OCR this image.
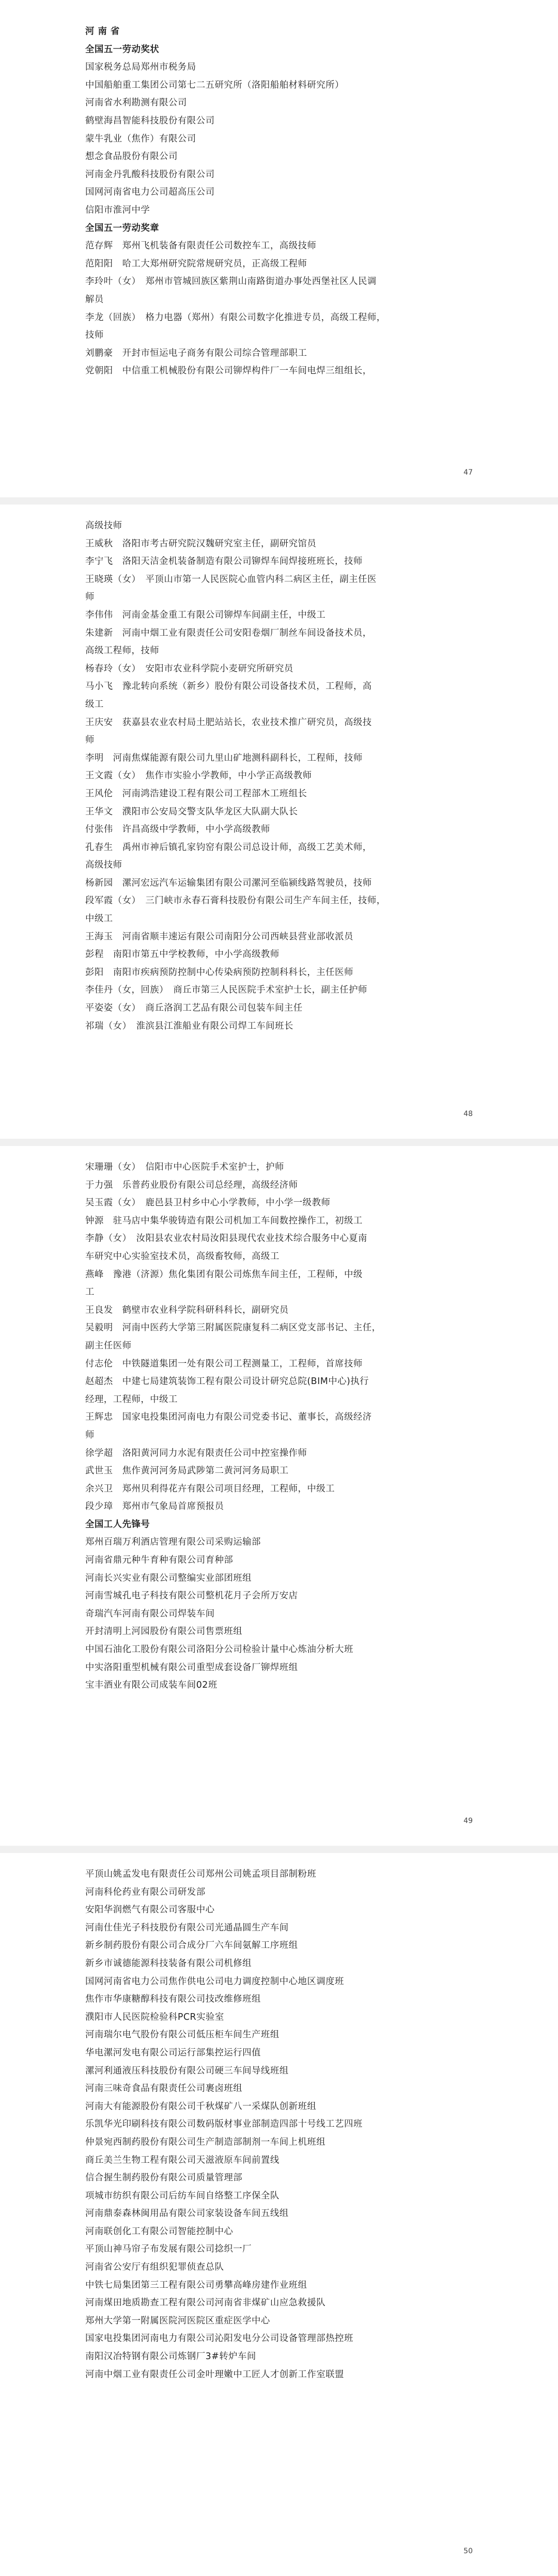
河 南 省
全国五一劳动奖状
国家税务总局郑州市税务局
中国船舶重工集团公司第七二五研究所（洛阳船舶材料研究所）
河南省水利勘测有限公司
鹤壁海昌智能科技股份有限公司
蒙牛乳业（焦作）有限公司
想念食品股份有限公司
河南金丹乳酸科技股份有限公司
国网河南省电力公司超高压公司
信阳市淮河中学
全国五一劳动奖章
范存辉　郑州飞机装备有限责任公司数控车工，高级技师
范阳阳　哈工大郑州研究院常规研究员，正高级工程师
李玲叶（女）　郑州市管城回族区紫荆山南路街道办事处西堡社区人民调
解员
李龙（回族）　格力电器（郑州）有限公司数字化推进专员，高级工程师，
技师
刘鹏豪　开封市恒运电子商务有限公司综合管理部职工
党朝阳　中信重工机械股份有限公司铆焊构件厂一车间电焊三组组长，
47
高级技师
王威秋　洛阳市考古研究院汉魏研究室主任，副研究馆员
李宁飞　洛阳天洁金机装备制造有限公司铆焊车间焊接班班长，技师
王晓瑛（女）　平顶山市第一人民医院心血管内科二病区主任，副主任医
师
李伟伟　河南金基金重工有限公司铆焊车间副主任，中级工
朱建新　河南中烟工业有限责任公司安阳卷烟厂制丝车间设备技术员，
高级工程师，技师
杨春玲（女）　安阳市农业科学院小麦研究所研究员
马小飞　豫北转向系统（新乡）股份有限公司设备技术员，工程师，高
级工
王庆安　获嘉县农业农村局土肥站站长，农业技术推广研究员，高级技
师
李明　河南焦煤能源有限公司九里山矿地测科副科长，工程师，技师
王文霞（女）　焦作市实验小学教师，中小学正高级教师
王风伦　河南鸿浩建设工程有限公司工程部木工班组长
王华文　濮阳市公安局交警支队华龙区大队副大队长
付张伟　许昌高级中学教师，中小学高级教师
孔春生　禹州市神后镇孔家钧窑有限公司总设计师，高级工艺美术师，
高级技师
杨新园　漯河宏远汽车运输集团有限公司漯河至临颍线路驾驶员，技师
段军霞（女）　三门峡市永春石膏科技股份有限公司生产车间主任，技师，
中级工
王海玉　河南省顺丰速运有限公司南阳分公司西峡县营业部收派员
彭程　南阳市第五中学校教师，中小学高级教师
彭阳　南阳市疾病预防控制中心传染病预防控制科科长，主任医师
李佳丹（女，回族）　商丘市第三人民医院手术室护士长，副主任护师
平姿姿（女）　商丘洛润工艺品有限公司包装车间主任
祁瑞（女）　淮滨县江淮船业有限公司焊工车间班长
48
宋珊珊（女）　信阳市中心医院手术室护士，护师
于力强　乐普药业股份有限公司总经理，高级经济师
吴玉霞（女）　鹿邑县卫村乡中心小学教师，中小学一级教师
钟源　驻马店中集华骏铸造有限公司机加工车间数控操作工，初级工
李静（女）　汝阳县农业农村局汝阳县现代农业技术综合服务中心夏南
车研究中心实验室技术员，高级畜牧师，高级工
燕峰　豫港（济源）焦化集团有限公司炼焦车间主任，工程师，中级
工
王良发　鹤壁市农业科学院科研科科长，副研究员
吴毅明　河南中医药大学第三附属医院康复科二病区党支部书记、主任，
副主任医师
付志伦　中铁隧道集团一处有限公司工程测量工，工程师，首席技师
赵超杰　中建七局建筑装饰工程有限公司设计研究总院(BIM中心)执行
经理，工程师，中级工
王辉忠　国家电投集团河南电力有限公司党委书记、董事长，高级经济
师
徐学超　洛阳黄河同力水泥有限责任公司中控室操作师
武世玉　焦作黄河河务局武陟第二黄河河务局职工
余兴卫　郑州贝利得花卉有限公司项目经理，工程师，中级工
段少璋　郑州市气象局首席预报员
全国工人先锋号
郑州百瑞万利酒店管理有限公司采购运输部
河南省鼎元种牛育种有限公司育种部
河南长兴实业有限公司整编实业部团班组
河南雪城孔电子科技有限公司整机花月子会所万安店
奇瑞汽车河南有限公司焊装车间
开封清明上河园股份有限公司售票班组
中国石油化工股份有限公司洛阳分公司检验计量中心炼油分析大班
中实洛阳重型机械有限公司重型成套设备厂铆焊班组
宝丰酒业有限公司成装车间02班
49
平顶山姚孟发电有限责任公司郑州公司姚孟项目部制粉班
河南科伦药业有限公司研发部
安阳华润燃气有限公司客服中心
河南仕佳光子科技股份有限公司光通晶圆生产车间
新乡制药股份有限公司合成分厂六车间氨解工序班组
新乡市诚德能源科技装备有限公司机修组
国网河南省电力公司焦作供电公司电力调度控制中心地区调度班
焦作市华康糖醇科技有限公司技改维修班组
濮阳市人民医院检验科PCR实验室
河南瑞尔电气股份有限公司低压柜车间生产班组
华电漯河发电有限公司运行部集控运行四值
漯河利通液压科技股份有限公司硬三车间导线班组
河南三味奇食品有限责任公司裹卤班组
河南大有能源股份有限公司千秋煤矿八一采煤队创新班组
乐凯华光印刷科技有限公司数码版材事业部制造四部十号线工艺四班
仲景宛西制药股份有限公司生产制造部制剂一车间上机班组
商丘美兰生物工程有限公司天滋液原车间前置线
信合握生制药股份有限公司质量管理部
项城市纺织有限公司后纺车间自络整工序保全队
河南鼎泰森林闽用品有限公司家装设备车间五线组
河南联创化工有限公司智能控制中心
平顶山神马帘子布发展有限公司捻织一厂
河南省公安厅有组织犯罪侦查总队
中铁七局集团第三工程有限公司勇攀高峰房建作业班组
河南煤田地质勘查工程有限公司河南省非煤矿山应急救援队
郑州大学第一附属医院河医院区重症医学中心
国家电投集团河南电力有限公司沁阳发电分公司设备管理部热控班
南阳汉冶特钢有限公司炼钢厂3#转炉车间
河南中烟工业有限责任公司金叶理嫩中工匠人才创新工作室联盟
50
